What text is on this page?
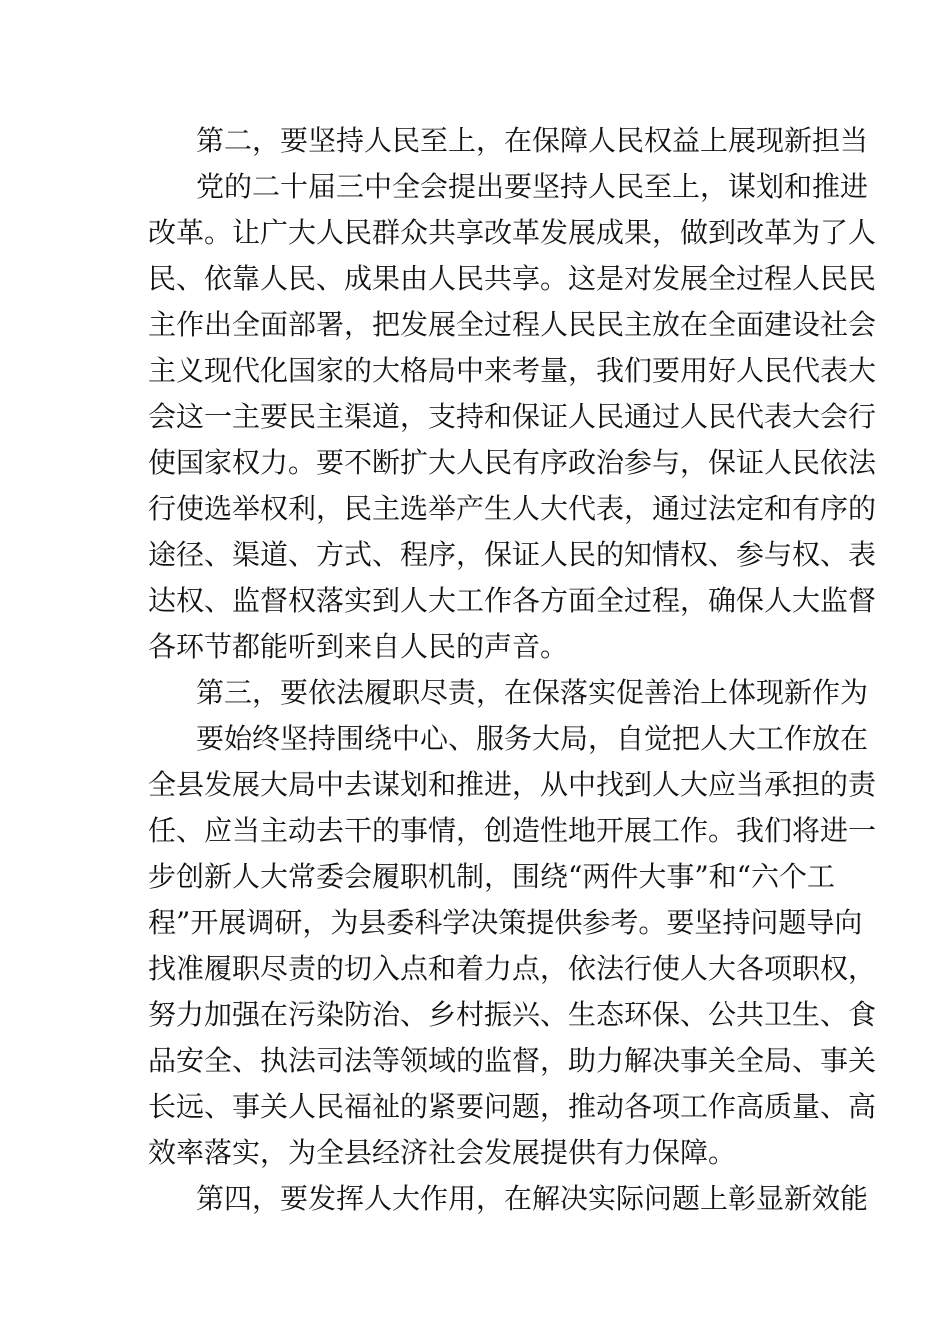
第二，要坚持人民至上，在保障人民权益上展现新担当
党的二十届三中全会提出要坚持人民至上，谋划和推进
改革。让广大人民群众共享改革发展成果，做到改革为了人
民、依靠人民、成果由人民共享。这是对发展全过程人民民
主作出全面部署，把发展全过程人民民主放在全面建设社会
主义现代化国家的大格局中来考量，我们要用好人民代表大
会这一主要民主渠道，支持和保证人民通过人民代表大会行
使国家权力。要不断扩大人民有序政治参与，保证人民依法
行使选举权利，民主选举产生人大代表，通过法定和有序的
途径、渠道、方式、程序，保证人民的知情权、参与权、表
达权、监督权落实到人大工作各方面全过程，确保人大监督
各环节都能听到来自人民的声音。
第三，要依法履职尽责，在保落实促善治上体现新作为
要始终坚持围绕中心、服务大局，自觉把人大工作放在
全县发展大局中去谋划和推进，从中找到人大应当承担的责
任、应当主动去干的事情，创造性地开展工作。我们将进一
步创新人大常委会履职机制，围绕“两件大事”和“六个工
程”开展调研，为县委科学决策提供参考。要坚持问题导向
找准履职尽责的切入点和着力点，依法行使人大各项职权，
努力加强在污染防治、乡村振兴、生态环保、公共卫生、食
品安全、执法司法等领域的监督，助力解决事关全局、事关
长远、事关人民福祉的紧要问题，推动各项工作高质量、高
效率落实，为全县经济社会发展提供有力保障。
第四，要发挥人大作用，在解决实际问题上彰显新效能
